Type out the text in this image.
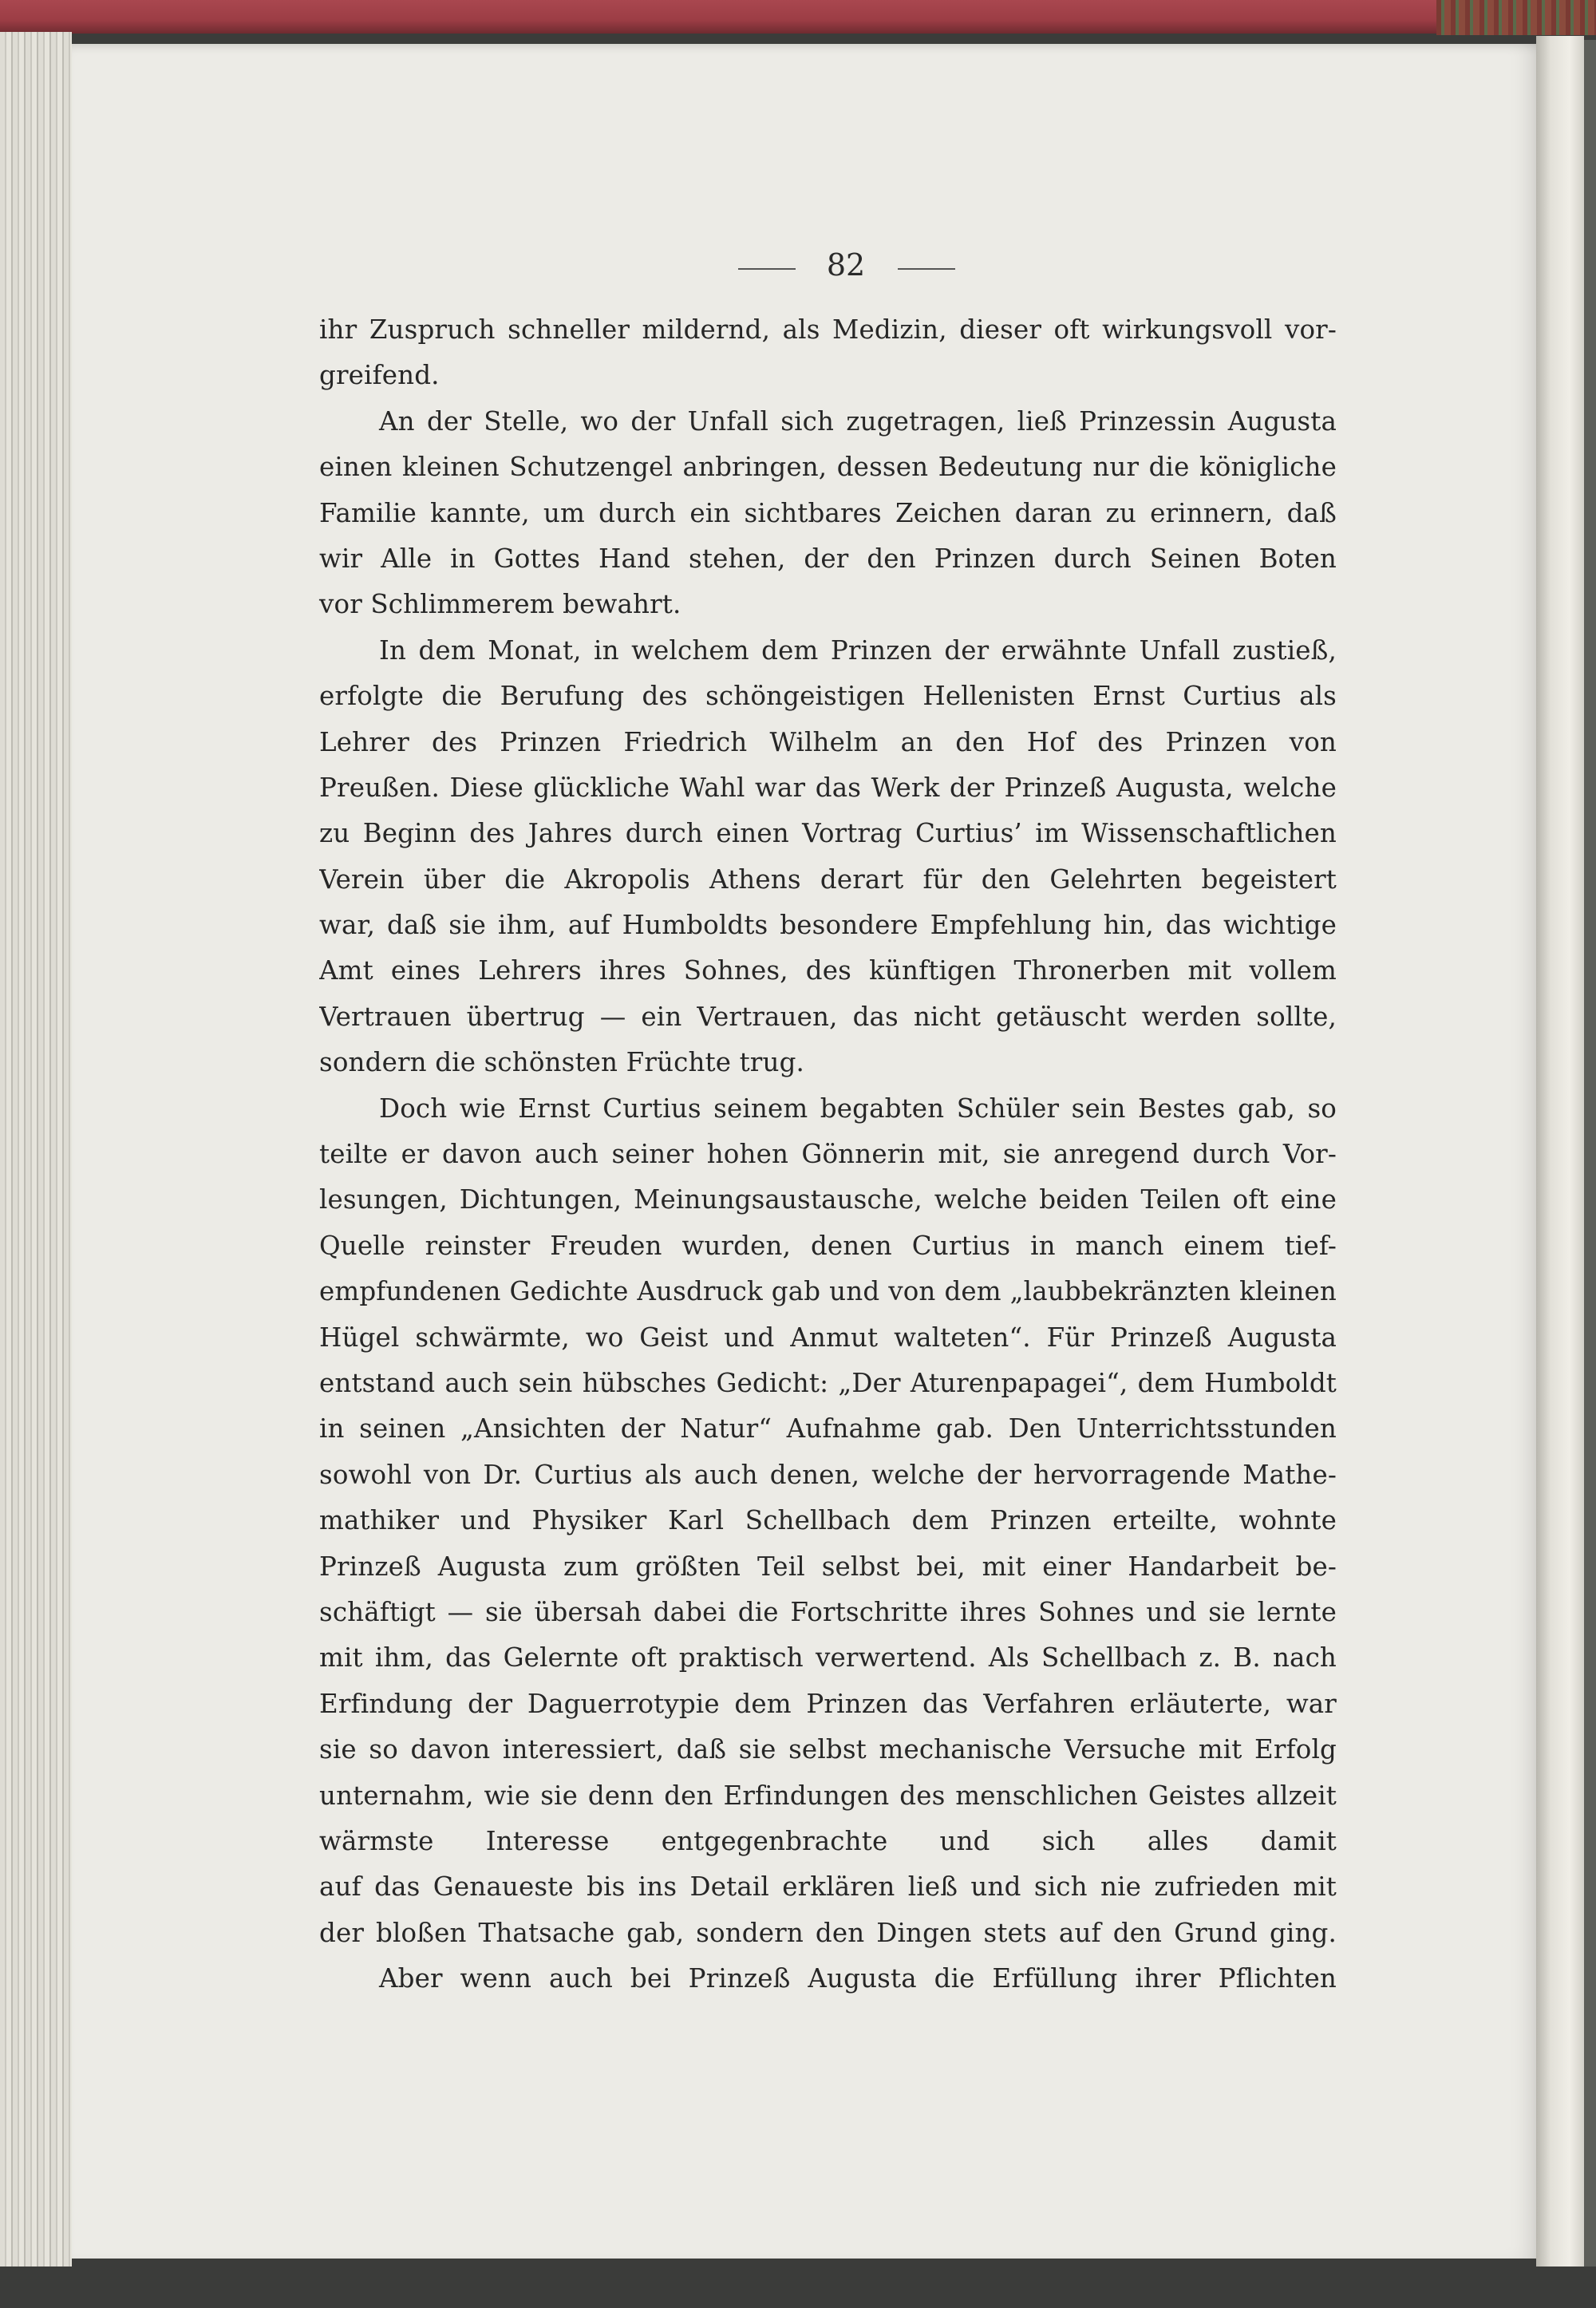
82
ihr Zuspruch schneller mildernd, als Medizin, dieser oft wirkungsvoll vor-
greifend.
An der Stelle, wo der Unfall sich zugetragen, ließ Prinzessin Augusta
einen kleinen Schutzengel anbringen, dessen Bedeutung nur die königliche
Familie kannte, um durch ein sichtbares Zeichen daran zu erinnern, daß
wir Alle in Gottes Hand stehen, der den Prinzen durch Seinen Boten
vor Schlimmerem bewahrt.
In dem Monat, in welchem dem Prinzen der erwähnte Unfall zustieß,
erfolgte die Berufung des schöngeistigen Hellenisten Ernst Curtius als
Lehrer des Prinzen Friedrich Wilhelm an den Hof des Prinzen von
Preußen. Diese glückliche Wahl war das Werk der Prinzeß Augusta, welche
zu Beginn des Jahres durch einen Vortrag Curtius’ im Wissenschaftlichen
Verein über die Akropolis Athens derart für den Gelehrten begeistert
war, daß sie ihm, auf Humboldts besondere Empfehlung hin, das wichtige
Amt eines Lehrers ihres Sohnes, des künftigen Thronerben mit vollem
Vertrauen übertrug — ein Vertrauen, das nicht getäuscht werden sollte,
sondern die schönsten Früchte trug.
Doch wie Ernst Curtius seinem begabten Schüler sein Bestes gab, so
teilte er davon auch seiner hohen Gönnerin mit, sie anregend durch Vor-
lesungen, Dichtungen, Meinungsaustausche, welche beiden Teilen oft eine
Quelle reinster Freuden wurden, denen Curtius in manch einem tief-
empfundenen Gedichte Ausdruck gab und von dem „laubbekränzten kleinen
Hügel schwärmte, wo Geist und Anmut walteten“. Für Prinzeß Augusta
entstand auch sein hübsches Gedicht: „Der Aturenpapagei“, dem Humboldt
in seinen „Ansichten der Natur“ Aufnahme gab. Den Unterrichtsstunden
sowohl von Dr. Curtius als auch denen, welche der hervorragende Mathe-
mathiker und Physiker Karl Schellbach dem Prinzen erteilte, wohnte
Prinzeß Augusta zum größten Teil selbst bei, mit einer Handarbeit be-
schäftigt — sie übersah dabei die Fortschritte ihres Sohnes und sie lernte
mit ihm, das Gelernte oft praktisch verwertend. Als Schellbach z. B. nach
Erfindung der Daguerrotypie dem Prinzen das Verfahren erläuterte, war
sie so davon interessiert, daß sie selbst mechanische Versuche mit Erfolg
unternahm, wie sie denn den Erfindungen des menschlichen Geistes allzeit
wärmste Interesse entgegenbrachte und sich alles damit
auf das Genaueste bis ins Detail erklären ließ und sich nie zufrieden mit
der bloßen Thatsache gab, sondern den Dingen stets auf den Grund ging.
Aber wenn auch bei Prinzeß Augusta die Erfüllung ihrer Pflichten
